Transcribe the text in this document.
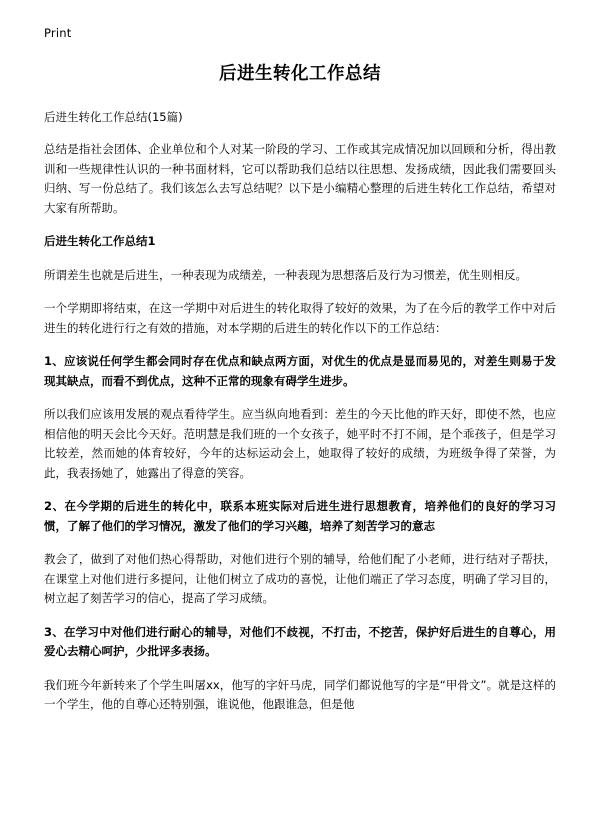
Print
后进生转化工作总结
后进生转化工作总结(15篇)

总结是指社会团体、企业单位和个人对某一阶段的学习、工作或其完成情况加以回顾和分析，得出教训和一些规律性认识的一种书面材料，它可以帮助我们总结以往思想、发扬成绩，因此我们需要回头归纳、写一份总结了。我们该怎么去写总结呢？以下是小编精心整理的后进生转化工作总结，希望对大家有所帮助。

后进生转化工作总结1

所谓差生也就是后进生，一种表现为成绩差，一种表现为思想落后及行为习惯差，优生则相反。

一个学期即将结束，在这一学期中对后进生的转化取得了较好的效果，为了在今后的教学工作中对后进生的转化进行行之有效的措施，对本学期的后进生的转化作以下的工作总结：

1、应该说任何学生都会同时存在优点和缺点两方面，对优生的优点是显而易见的，对差生则易于发现其缺点，而看不到优点，这种不正常的现象有碍学生进步。

所以我们应该用发展的观点看待学生。应当纵向地看到：差生的今天比他的昨天好，即使不然，也应相信他的明天会比今天好。范明慧是我们班的一个女孩子，她平时不打不闹，是个乖孩子，但是学习比较差，然而她的体育较好，今年的达标运动会上，她取得了较好的成绩，为班级争得了荣誉，为此，我表扬她了，她露出了得意的笑容。

2、在今学期的后进生的转化中，联系本班实际对后进生进行思想教育，培养他们的良好的学习习惯，了解了他们的学习情况，激发了他们的学习兴趣，培养了刻苦学习的意志

教会了，做到了对他们热心得帮助，对他们进行个别的辅导，给他们配了小老师，进行结对子帮扶，在课堂上对他们进行多提问，让他们树立了成功的喜悦，让他们端正了学习态度，明确了学习目的，树立起了刻苦学习的信心，提高了学习成绩。

3、在学习中对他们进行耐心的辅导，对他们不歧视，不打击，不挖苦，保护好后进生的自尊心，用爱心去精心呵护，少批评多表扬。

我们班今年新转来了个学生叫屠xx，他写的字奸马虎，同学们都说他写的字是“甲骨文”。就是这样的一个学生，他的自尊心还特别强，谁说他，他跟谁急，但是他
